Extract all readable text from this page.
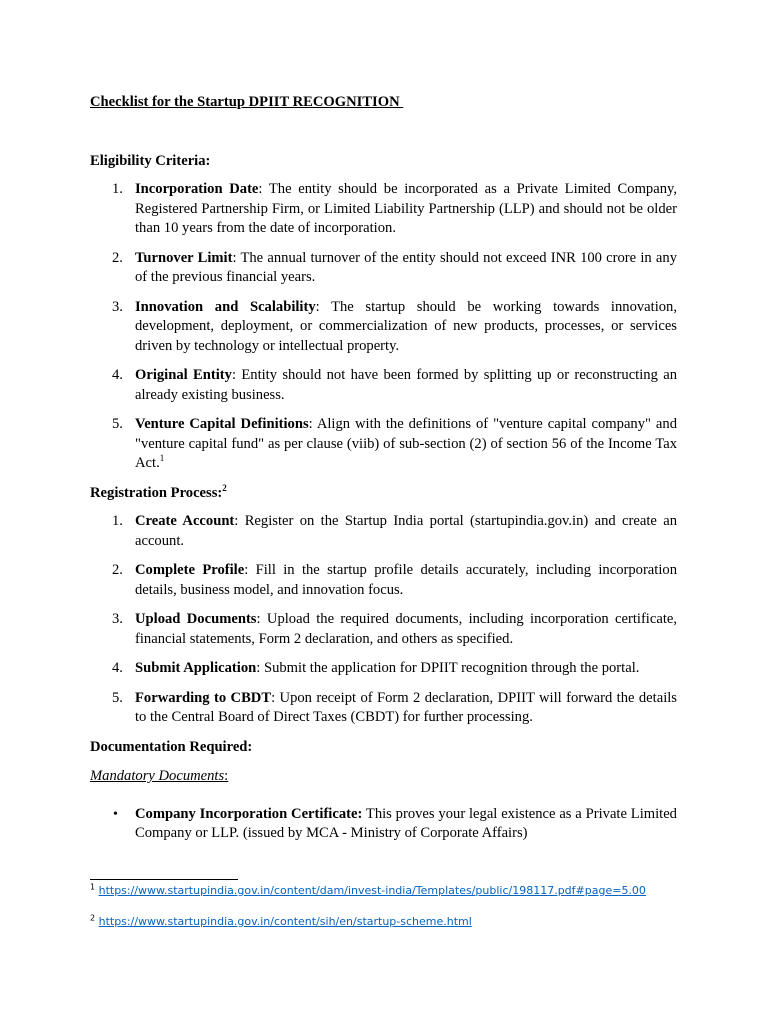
Checklist for the Startup DPIIT RECOGNITION

Eligibility Criteria:

1. Incorporation Date: The entity should be incorporated as a Private Limited Company, Registered Partnership Firm, or Limited Liability Partnership (LLP) and should not be older than 10 years from the date of incorporation.
2. Turnover Limit: The annual turnover of the entity should not exceed INR 100 crore in any of the previous financial years.
3. Innovation and Scalability: The startup should be working towards innovation, development, deployment, or commercialization of new products, processes, or services driven by technology or intellectual property.
4. Original Entity: Entity should not have been formed by splitting up or reconstructing an already existing business.
5. Venture Capital Definitions: Align with the definitions of "venture capital company" and "venture capital fund" as per clause (viib) of sub-section (2) of section 56 of the Income Tax Act.$^1$

Registration Process:$^2$

1. Create Account: Register on the Startup India portal (startupindia.gov.in) and create an account.
2. Complete Profile: Fill in the startup profile details accurately, including incorporation details, business model, and innovation focus.
3. Upload Documents: Upload the required documents, including incorporation certificate, financial statements, Form 2 declaration, and others as specified.
4. Submit Application: Submit the application for DPIIT recognition through the portal.
5. Forwarding to CBDT: Upon receipt of Form 2 declaration, DPIIT will forward the details to the Central Board of Direct Taxes (CBDT) for further processing.

Documentation Required:

Mandatory Documents:

• Company Incorporation Certificate: This proves your legal existence as a Private Limited Company or LLP. (issued by MCA - Ministry of Corporate Affairs)
$^1$ https://www.startupindia.gov.in/content/dam/invest-india/Templates/public/198117.pdf#page=5.00
$^2$ https://www.startupindia.gov.in/content/sih/en/startup-scheme.html
